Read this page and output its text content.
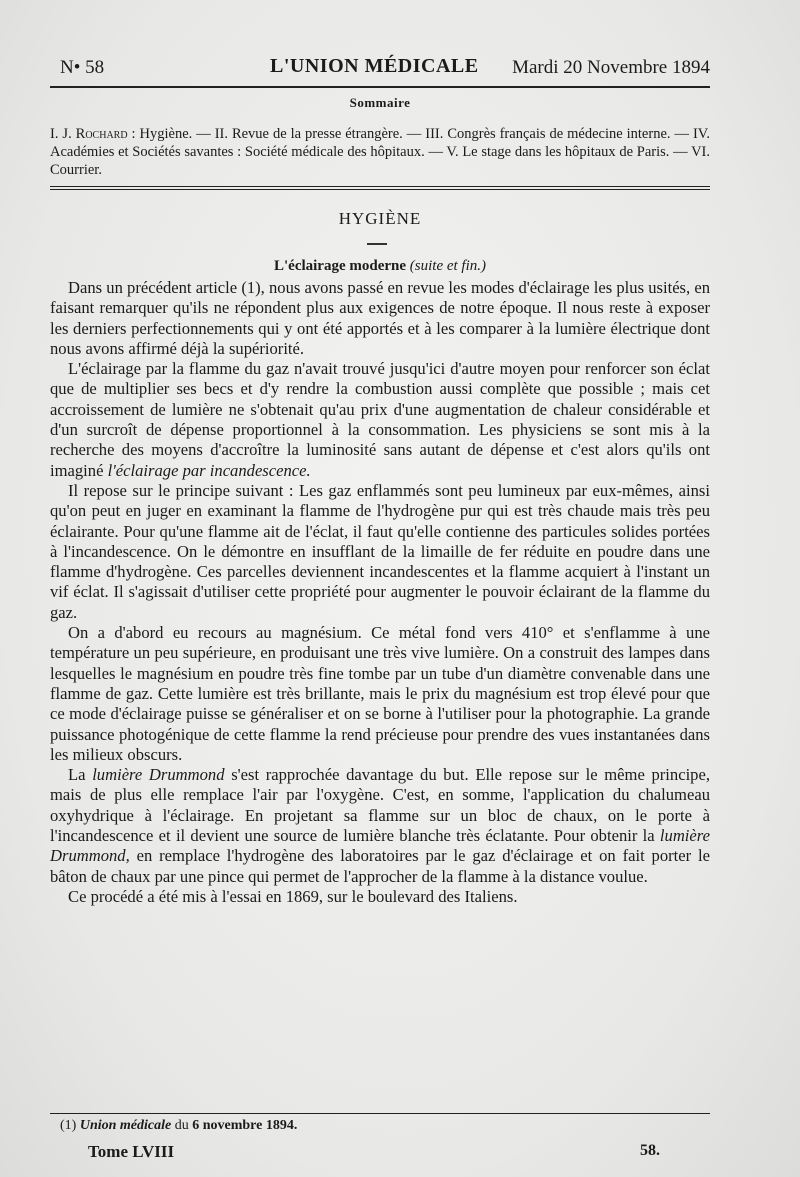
N• 58	L'UNION MÉDICALE Mardi 20 Novembre 1894
Sommaire
I. J. Rochard : Hygiène. — II. Revue de la presse étrangère. — III. Congrès français de médecine interne. — IV. Académies et Sociétés savantes : Société médicale des hôpitaux. — V. Le stage dans les hôpitaux de Paris. — VI. Courrier.
HYGIÈNE
L'éclairage moderne (suite et fin.)

Dans un précédent article (1), nous avons passé en revue les modes d'éclairage les plus usités, en faisant remarquer qu'ils ne répondent plus aux exigences de notre époque. Il nous reste à exposer les derniers perfectionnements qui y ont été apportés et à les comparer à la lumière électrique dont nous avons affirmé déjà la supériorité.

L'éclairage par la flamme du gaz n'avait trouvé jusqu'ici d'autre moyen pour renforcer son éclat que de multiplier ses becs et d'y rendre la combustion aussi complète que possible ; mais cet accroissement de lumière ne s'obtenait qu'au prix d'une augmentation de chaleur considérable et d'un surcroît de dépense proportionnel à la consommation. Les physiciens se sont mis à la recherche des moyens d'accroître la luminosité sans autant de dépense et c'est alors qu'ils ont imaginé l'éclairage par incandescence.

Il repose sur le principe suivant : Les gaz enflammés sont peu lumineux par eux-mêmes, ainsi qu'on peut en juger en examinant la flamme de l'hydrogène pur qui est très chaude mais très peu éclairante. Pour qu'une flamme ait de l'éclat, il faut qu'elle contienne des particules solides portées à l'incandescence. On le démontre en insufflant de la limaille de fer réduite en poudre dans une flamme d'hydrogène. Ces parcelles deviennent incandescentes et la flamme acquiert à l'instant un vif éclat. Il s'agissait d'utiliser cette propriété pour augmenter le pouvoir éclairant de la flamme du gaz.

On a d'abord eu recours au magnésium. Ce métal fond vers 410° et s'enflamme à une température un peu supérieure, en produisant une très vive lumière. On a construit des lampes dans lesquelles le magnésium en poudre très fine tombe par un tube d'un diamètre convenable dans une flamme de gaz. Cette lumière est très brillante, mais le prix du magnésium est trop élevé pour que ce mode d'éclairage puisse se généraliser et on se borne à l'utiliser pour la photographie. La grande puissance photogénique de cette flamme la rend précieuse pour prendre des vues instantanées dans les milieux obscurs.

La lumière Drummond s'est rapprochée davantage du but. Elle repose sur le même principe, mais de plus elle remplace l'air par l'oxygène. C'est, en somme, l'application du chalumeau oxyhydrique à l'éclairage. En projetant sa flamme sur un bloc de chaux, on le porte à l'incandescence et il devient une source de lumière blanche très éclatante. Pour obtenir la lumière Drummond, en remplace l'hydrogène des laboratoires par le gaz d'éclairage et on fait porter le bâton de chaux par une pince qui permet de l'approcher de la flamme à la distance voulue.

Ce procédé a été mis à l'essai en 1869, sur le boulevard des Italiens.

(1) Union médicale du 6 novembre 1894.
Tome LVIII	58.
